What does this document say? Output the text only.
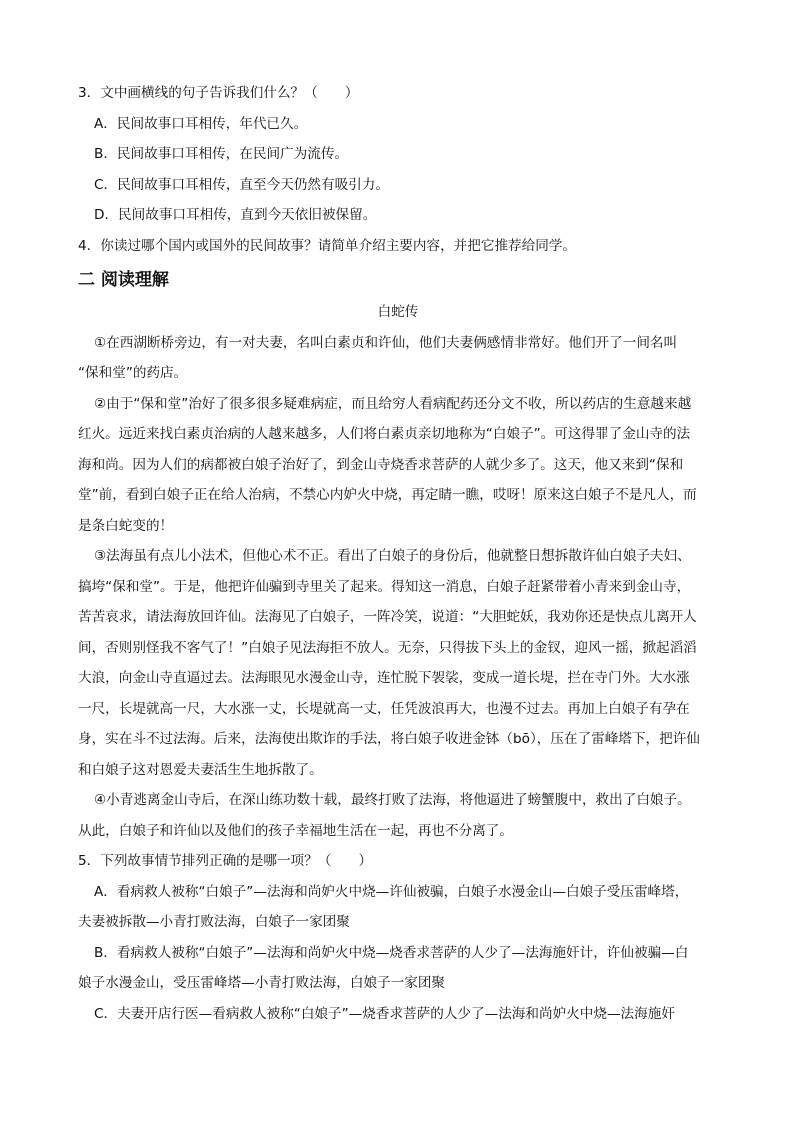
3．文中画横线的句子告诉我们什么？（　　）
A．民间故事口耳相传，年代已久。
B．民间故事口耳相传，在民间广为流传。
C．民间故事口耳相传，直至今天仍然有吸引力。
D．民间故事口耳相传，直到今天依旧被保留。
4．你读过哪个国内或国外的民间故事？请简单介绍主要内容，并把它推荐给同学。
二 阅读理解
白蛇传
①在西湖断桥旁边，有一对夫妻，名叫白素贞和许仙，他们夫妻俩感情非常好。他们开了一间名叫
“保和堂”的药店。
②由于“保和堂”治好了很多很多疑难病症，而且给穷人看病配药还分文不收，所以药店的生意越来越
红火。远近来找白素贞治病的人越来越多，人们将白素贞亲切地称为“白娘子”。可这得罪了金山寺的法
海和尚。因为人们的病都被白娘子治好了，到金山寺烧香求菩萨的人就少多了。这天，他又来到“保和
堂”前，看到白娘子正在给人治病，不禁心内妒火中烧，再定睛一瞧，哎呀！原来这白娘子不是凡人，而
是条白蛇变的！
③法海虽有点儿小法术，但他心术不正。看出了白娘子的身份后，他就整日想拆散许仙白娘子夫妇、
搞垮“保和堂”。于是，他把许仙骗到寺里关了起来。得知这一消息，白娘子赶紧带着小青来到金山寺，
苦苦哀求，请法海放回许仙。法海见了白娘子，一阵冷笑，说道：“大胆蛇妖，我劝你还是快点儿离开人
间，否则别怪我不客气了！”白娘子见法海拒不放人。无奈，只得拔下头上的金钗，迎风一摇，掀起滔滔
大浪，向金山寺直逼过去。法海眼见水漫金山寺，连忙脱下袈裟，变成一道长堤，拦在寺门外。大水涨
一尺，长堤就高一尺，大水涨一丈，长堤就高一丈，任凭波浪再大，也漫不过去。再加上白娘子有孕在
身，实在斗不过法海。后来，法海使出欺诈的手法，将白娘子收进金钵（bō），压在了雷峰塔下，把许仙
和白娘子这对恩爱夫妻活生生地拆散了。
④小青逃离金山寺后，在深山练功数十载，最终打败了法海，将他逼进了螃蟹腹中，救出了白娘子。
从此，白娘子和许仙以及他们的孩子幸福地生活在一起，再也不分离了。
5．下列故事情节排列正确的是哪一项？（　　）
A．看病救人被称“白娘子”—法海和尚妒火中烧—许仙被骗，白娘子水漫金山—白娘子受压雷峰塔，
夫妻被拆散—小青打败法海，白娘子一家团聚
B．看病救人被称“白娘子”—法海和尚妒火中烧—烧香求菩萨的人少了—法海施奸计，许仙被骗—白
娘子水漫金山，受压雷峰塔—小青打败法海，白娘子一家团聚
C．夫妻开店行医—看病救人被称“白娘子”—烧香求菩萨的人少了—法海和尚妒火中烧—法海施奸
